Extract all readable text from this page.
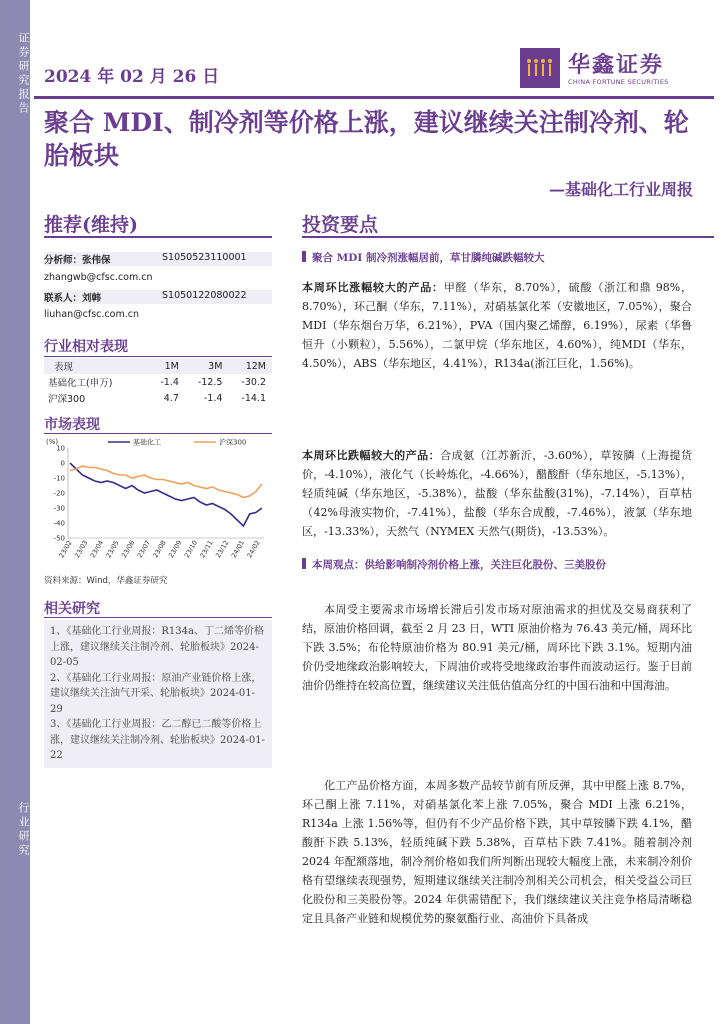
证券研究报告
行业研究
2024 年 02 月 26 日	华鑫证券
CHINA FORTUNE SECURITIES
聚合 MDI、制冷剂等价格上涨，建议继续关注制冷剂、轮胎板块
—基础化工行业周报
推荐(维持)
分析师：张伟保	S1050523110001
zhangwb@cfsc.com.cn
联系人：刘韩	S1050122080022
liuhan@cfsc.com.cn
行业相对表现
表现	1M	3M	12M
基础化工(申万)	-1.4	-12.5	-30.2
沪深300	4.7	-1.4	-14.1
市场表现
(%)
10
0
-10
-20
-30
-40
-50
23/02 23/03 23/04 23/05 23/06 23/07 23/08 23/09 23/10 23/11 23/12 24/01 24/02
基础化工	沪深300
资料来源：Wind，华鑫证券研究
相关研究
1、《基础化工行业周报：R134a、丁二烯等价格上涨，建议继续关注制冷剂、轮胎板块》2024-02-05
2、《基础化工行业周报：原油产业链价格上涨，建议继续关注油气开采、轮胎板块》2024-01-29
3、《基础化工行业周报：乙二醇已二酸等价格上涨，建议继续关注制冷剂、轮胎板块》2024-01-22
投资要点
聚合 MDI 制冷剂涨幅居前，草甘膦纯碱跌幅较大
本周环比涨幅较大的产品：甲醛（华东，8.70%），硫酸（浙江和鼎 98%，8.70%），环己酮（华东，7.11%），对硝基氯化苯（安徽地区，7.05%），聚合 MDI（华东烟台万华，6.21%），PVA（国内聚乙烯醇，6.19%），尿素（华鲁恒升（小颗粒），5.56%），二氯甲烷（华东地区，4.60%），纯MDI（华东，4.50%），ABS（华东地区，4.41%），R134a(浙江巨化，1.56%)。
本周环比跌幅较大的产品：合成氨（江苏新沂，-3.60%），草铵膦（上海提货价，-4.10%），液化气（长岭炼化，-4.66%），醋酸酐（华东地区，-5.13%），轻质纯碱（华东地区，-5.38%），盐酸（华东盐酸(31%)，-7.14%），百草枯（42%母液实物价，-7.41%），盐酸（华东合成酸，-7.46%），液氯（华东地区，-13.33%），天然气（NYMEX 天然气(期货)，-13.53%）。
本周观点：供给影响制冷剂价格上涨，关注巨化股份、三美股份
本周受主要需求市场增长滞后引发市场对原油需求的担忧及交易商获利了结，原油价格回调，截至 2 月 23 日，WTI 原油价格为 76.43 美元/桶，周环比下跌 3.5%；布伦特原油价格为 80.91 美元/桶，周环比下跌 3.1%。短期内油价仍受地缘政治影响较大，下周油价或将受地缘政治事件而波动运行。鉴于目前油价仍维持在较高位置，继续建议关注低估值高分红的中国石油和中国海油。
化工产品价格方面，本周多数产品较节前有所反弹，其中甲醛上涨 8.7%，环己酮上涨 7.11%，对硝基氯化苯上涨 7.05%，聚合 MDI 上涨 6.21%，R134a 上涨 1.56%等，但仍有不少产品价格下跌，其中草铵膦下跌 4.1%，醋酸酐下跌 5.13%，轻质纯碱下跌 5.38%，百草枯下跌 7.41%。随着制冷剂 2024 年配额落地，制冷剂价格如我们所判断出现较大幅度上涨，未来制冷剂价格有望继续表现强势，短期建议继续关注制冷剂相关公司机会，相关受益公司巨化股份和三美股份等。2024 年供需错配下，我们继续建议关注竞争格局清晰稳定且具备产业链和规模优势的聚氨酯行业、高油价下具备成
